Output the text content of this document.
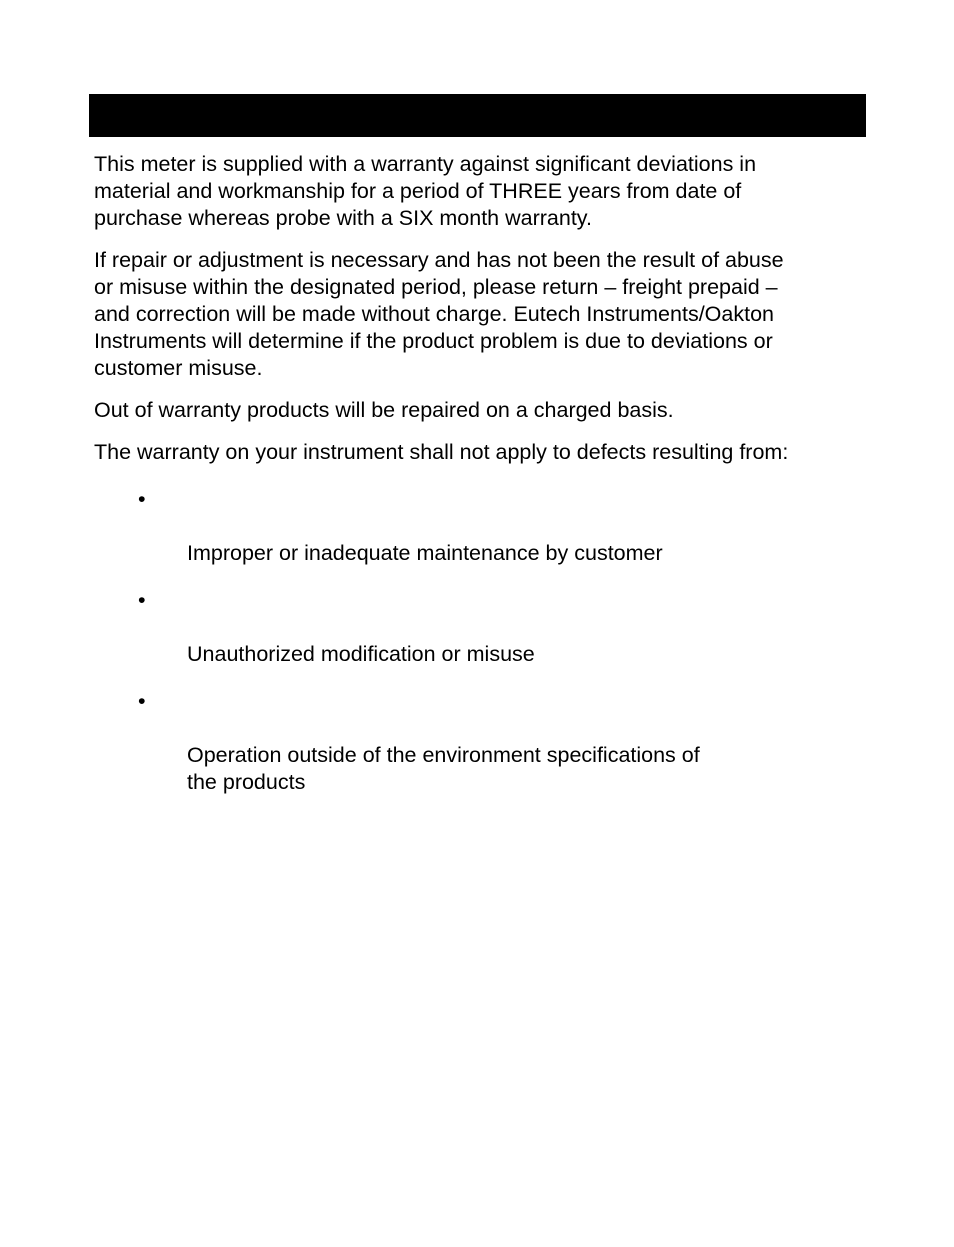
This meter is supplied with a warranty against significant deviations in
material and workmanship for a period of THREE years from date of
purchase whereas probe with a SIX month warranty.

If repair or adjustment is necessary and has not been the result of abuse
or misuse within the designated period, please return – freight prepaid –
and correction will be made without charge. Eutech Instruments/Oakton
Instruments will determine if the product problem is due to deviations or
customer misuse.

Out of warranty products will be repaired on a charged basis.

The warranty on your instrument shall not apply to defects resulting from:

•

Improper or inadequate maintenance by customer

•

Unauthorized modification or misuse

•

Operation outside of the environment specifications of
the products
